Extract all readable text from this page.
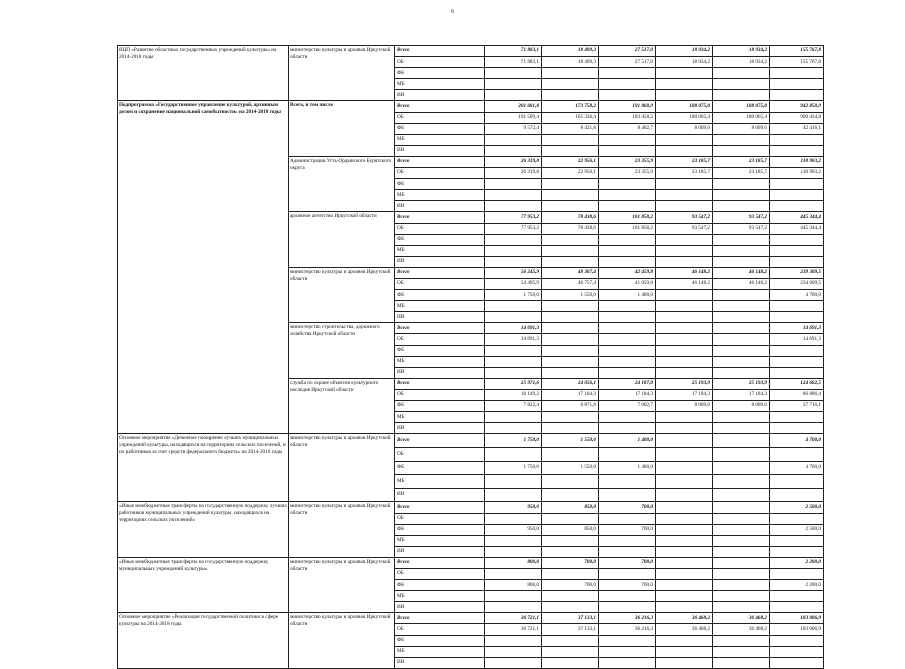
6
ВЦП «Развитие областных государственных учреждений культуры» на 2014-2018 годы	министерство культуры и архивов Иркутской области	Всего	71 883,1	18 499,3	27 517,0	18 934,2	18 934,2	155 767,8
		ОБ	71 883,1	18 499,3	27 517,0	18 934,2	18 934,2	155 767,8
		ФБ						
		МБ						
		ИИ						
Подпрограмма «Государственное управление культурой, архивным делом и сохранение национальной самобытности» на 2014-2018 годы	Всего, в том числе	Всего	201 681,8	173 758,2	191 860,9	188 075,0	188 075,0	942 850,9
		ОБ	191 509,4	165 336,4	183 458,2	180 065,4	180 065,4	900 434,8
		ФБ	9 572,4	8 421,8	8 402,7	8 009,6	8 009,6	42 416,1
		МБ						
		ИИ						
	Администрация Усть-Ордынского Бурятского округа	Всего	26 319,8	22 956,1	23 355,9	23 185,7	23 185,7	118 903,2
		ОБ	26 319,8	22 956,1	23 355,9	23 185,7	23 185,7	118 903,2
		ФБ						
		МБ						
		ИИ						
	архивное агентство Иркутской области	Всего	77 953,2	78 438,6	101 858,2	93 547,2	93 547,2	445 344,4
		ОБ	77 953,2	78 438,6	101 858,2	93 547,2	93 547,2	445 344,4
		ФБ						
		МБ						
		ИИ						
	министерство культуры и архивов Иркутской области	Всего	56 245,9	48 307,4	42 459,8	46 148,2	46 148,2	239 309,5
		ОБ	54 495,9	46 757,4	41 059,8	46 148,2	46 148,2	234 609,5
		ФБ	1 750,0	1 550,0	1 400,0			4 700,0
		МБ						
		ИИ						
	министерство строительства, дорожного хозяйства Иркутской области	Всего	14 691,3					14 691,3
		ОБ	14 691,3					14 691,3
		ФБ						
		МБ						
		ИИ						
	служба по охране объектов культурного наследия Иркутской области	Всего	25 971,6	24 056,1	24 187,0	25 193,9	25 193,9	124 602,5
		ОБ	18 149,2	17 184,3	17 184,3	17 184,3	17 184,3	86 886,4
		ФБ	7 822,4	6 871,8	7 002,7	8 009,6	8 009,6	37 716,1
		МБ						
		ИИ						
Основное мероприятие «Денежное поощрение лучших муниципальных учреждений культуры, находящихся на территориях сельских поселений, и их работников за счет средств федерального бюджета» на 2014-2016 годы	министерство культуры и архивов Иркутской области	Всего	1 750,0	1 550,0	1 400,0			4 700,0
		ОБ						
		ФБ	1 750,0	1 550,0	1 400,0			4 700,0
		МБ						
		ИИ						
«Иные межбюджетные трансферты на государственную поддержку лучших работников муниципальных учреждений культуры, находящихся на территориях сельских поселений»	министерство культуры и архивов Иркутской области	Всего	950,0	850,0	700,0			2 500,0
		ОБ						
		ФБ	950,0	850,0	700,0			2 500,0
		МБ						
		ИИ						
«Иные межбюджетные трансферты на государственную поддержку муниципальных учреждений культуры»	министерство культуры и архивов Иркутской области	Всего	800,0	700,0	700,0			2 200,0
		ОБ						
		ФБ	800,0	700,0	700,0			2 200,0
		МБ						
		ИИ						
Основное мероприятие «Реализация государственной политики в сфере культуры на 2014-2018 годы	министерство культуры и архивов Иркутской области	Всего	36 721,1	37 133,1	36 216,3	36 468,2	36 468,2	183 006,9
		ОБ	36 721,1	37 133,1	36 216,3	36 468,2	36 468,2	183 006,9
		ФБ						
		МБ						
		ИИ						
